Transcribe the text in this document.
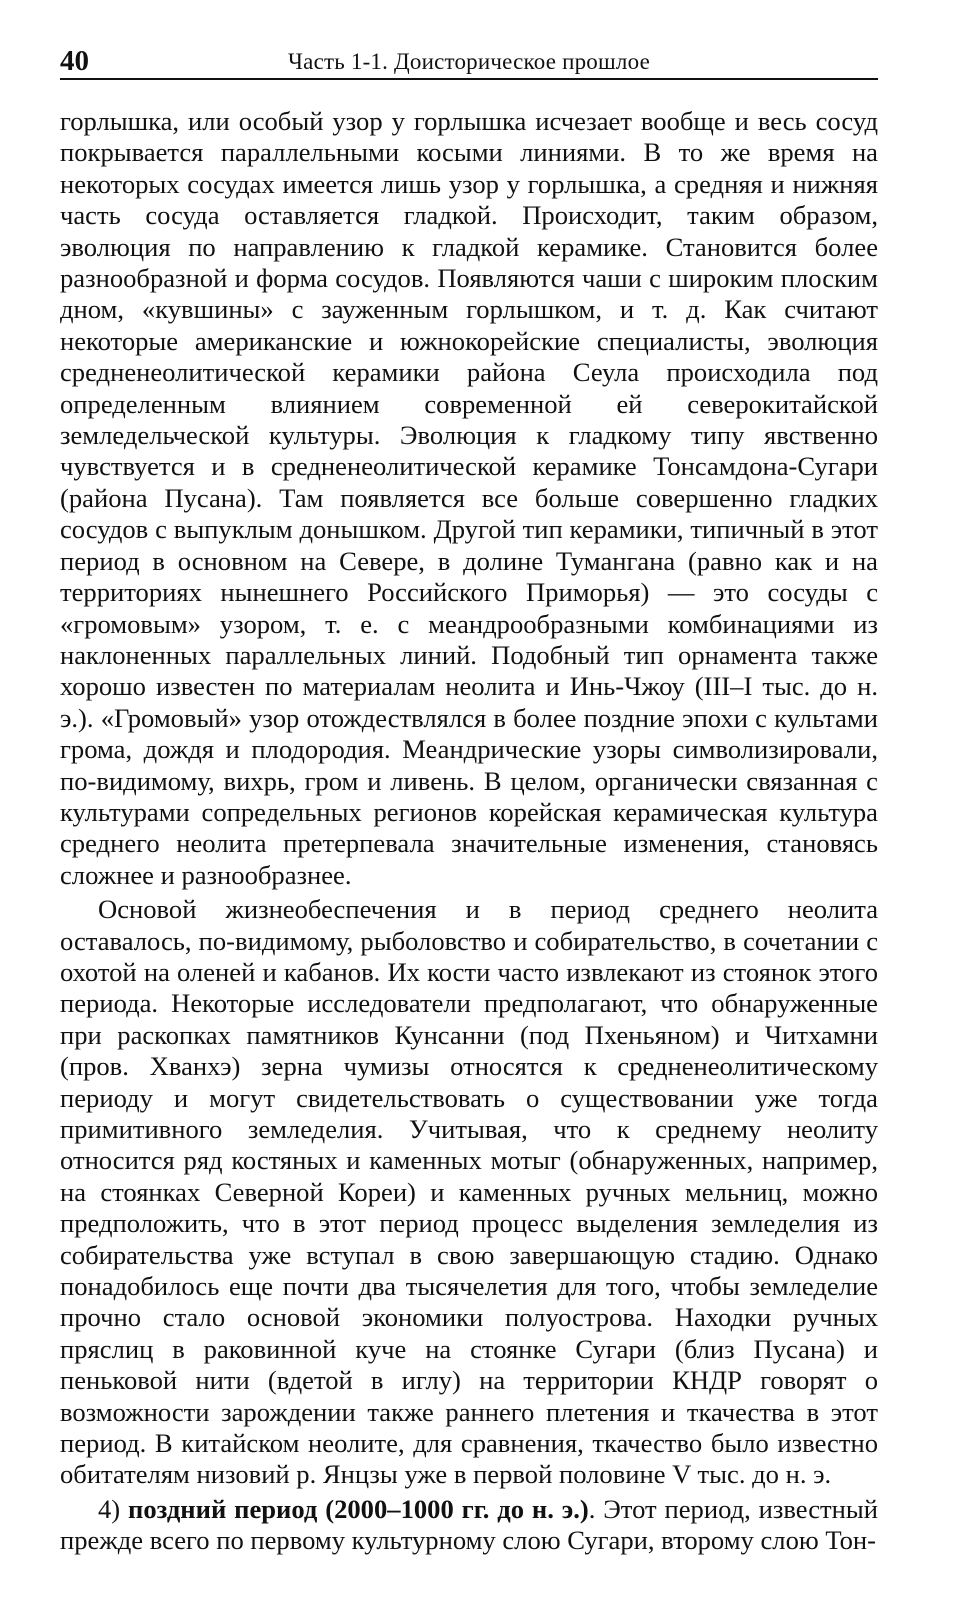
40	Часть 1-1. Доисторическое прошлое

горлышка, или особый узор у горлышка исчезает вообще и весь сосуд покрывается параллельными косыми линиями. В то же время на некоторых сосудах имеется лишь узор у горлышка, а средняя и нижняя часть сосуда оставляется гладкой. Происходит, таким образом, эволюция по направлению к гладкой керамике. Становится более разнообразной и форма сосудов. Появляются чаши с широким плоским дном, «кувшины» с зауженным горлышком, и т. д. Как считают некоторые американские и южнокорейские специалисты, эволюция средненеолитической керамики района Сеула происходила под определенным влиянием современной ей северокитайской земледельческой культуры. Эволюция к гладкому типу явственно чувствуется и в средненеолитической керамике Тонсамдона-Сугари (района Пусана). Там появляется все больше совершенно гладких сосудов с выпуклым донышком. Другой тип керамики, типичный в этот период в основном на Севере, в долине Тумангана (равно как и на территориях нынешнего Российского Приморья) — это сосуды с «громовым» узором, т. е. с меандрообразными комбинациями из наклоненных параллельных линий. Подобный тип орнамента также хорошо известен по материалам неолита и Инь-Чжоу (III–I тыс. до н. э.). «Громовый» узор отождествлялся в более поздние эпохи с культами грома, дождя и плодородия. Меандрические узоры символизировали, по-видимому, вихрь, гром и ливень. В целом, органически связанная с культурами сопредельных регионов корейская керамическая культура среднего неолита претерпевала значительные изменения, становясь сложнее и разнообразнее.

Основой жизнеобеспечения и в период среднего неолита оставалось, по-видимому, рыболовство и собирательство, в сочетании с охотой на оленей и кабанов. Их кости часто извлекают из стоянок этого периода. Некоторые исследователи предполагают, что обнаруженные при раскопках памятников Кунсанни (под Пхеньяном) и Читхамни (пров. Хванхэ) зерна чумизы относятся к средненеолитическому периоду и могут свидетельствовать о существовании уже тогда примитивного земледелия. Учитывая, что к среднему неолиту относится ряд костяных и каменных мотыг (обнаруженных, например, на стоянках Северной Кореи) и каменных ручных мельниц, можно предположить, что в этот период процесс выделения земледелия из собирательства уже вступал в свою завершающую стадию. Однако понадобилось еще почти два тысячелетия для того, чтобы земледелие прочно стало основой экономики полуострова. Находки ручных пряслиц в раковинной куче на стоянке Сугари (близ Пусана) и пеньковой нити (вдетой в иглу) на территории КНДР говорят о возможности зарождении также раннего плетения и ткачества в этот период. В китайском неолите, для сравнения, ткачество было известно обитателям низовий р. Янцзы уже в первой половине V тыс. до н. э.

4) поздний период (2000–1000 гг. до н. э.). Этот период, известный прежде всего по первому культурному слою Сугари, второму слою Тон-
